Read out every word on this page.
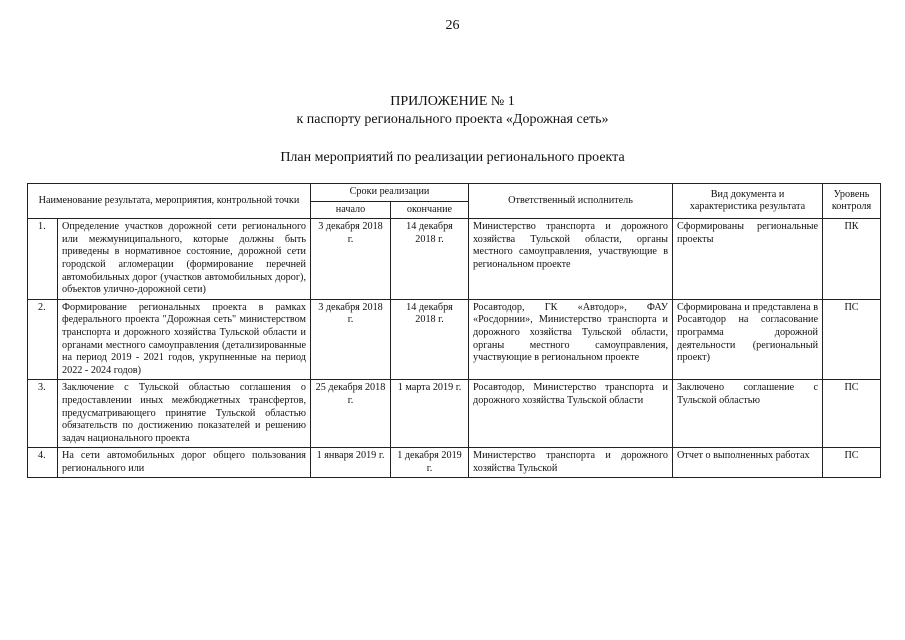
26
ПРИЛОЖЕНИЕ № 1
к паспорту регионального проекта «Дорожная сеть»
План мероприятий по реализации регионального проекта
Наименование результата, мероприятия, контрольной точки		Сроки реализации		Ответственный исполнитель	Вид документа и характеристика результата	Уровень контроля
		начало	окончание			
1.	Определение участков дорожной сети регионального или межмуниципального, которые должны быть приведены в нормативное состояние, дорожной сети городской агломерации (формирование перечней автомобильных дорог (участков автомобильных дорог), объектов улично-дорожной сети)	3 декабря 2018 г.	14 декабря 2018 г.	Министерство транспорта и дорожного хозяйства Тульской области, органы местного самоуправления, участвующие в региональном проекте	Сформированы региональные проекты	ПК
2.	Формирование региональных проекта в рамках федерального проекта "Дорожная сеть" министерством транспорта и дорожного хозяйства Тульской области и органами местного самоуправления (детализированные на период 2019 - 2021 годов, укрупненные на период 2022 - 2024 годов)	3 декабря 2018 г.	14 декабря 2018 г.	Росавтодор, ГК «Автодор», ФАУ «Росдорнии», Министерство транспорта и дорожного хозяйства Тульской области, органы местного самоуправления, участвующие в региональном проекте	Сформирована и представлена в Росавтодор на согласование программа дорожной деятельности (региональный проект)	ПС
3.	Заключение с Тульской областью соглашения о предоставлении иных межбюджетных трансфертов, предусматривающего принятие Тульской областью обязательств по достижению показателей и решению задач национального проекта	25 декабря 2018 г.	1 марта 2019 г.	Росавтодор, Министерство транспорта и дорожного хозяйства Тульской области	Заключено соглашение с Тульской областью	ПС
4.	На сети автомобильных дорог общего пользования регионального или	1 января 2019 г.	1 декабря 2019 г.	Министерство транспорта и дорожного хозяйства Тульской	Отчет о выполненных работах	ПС
